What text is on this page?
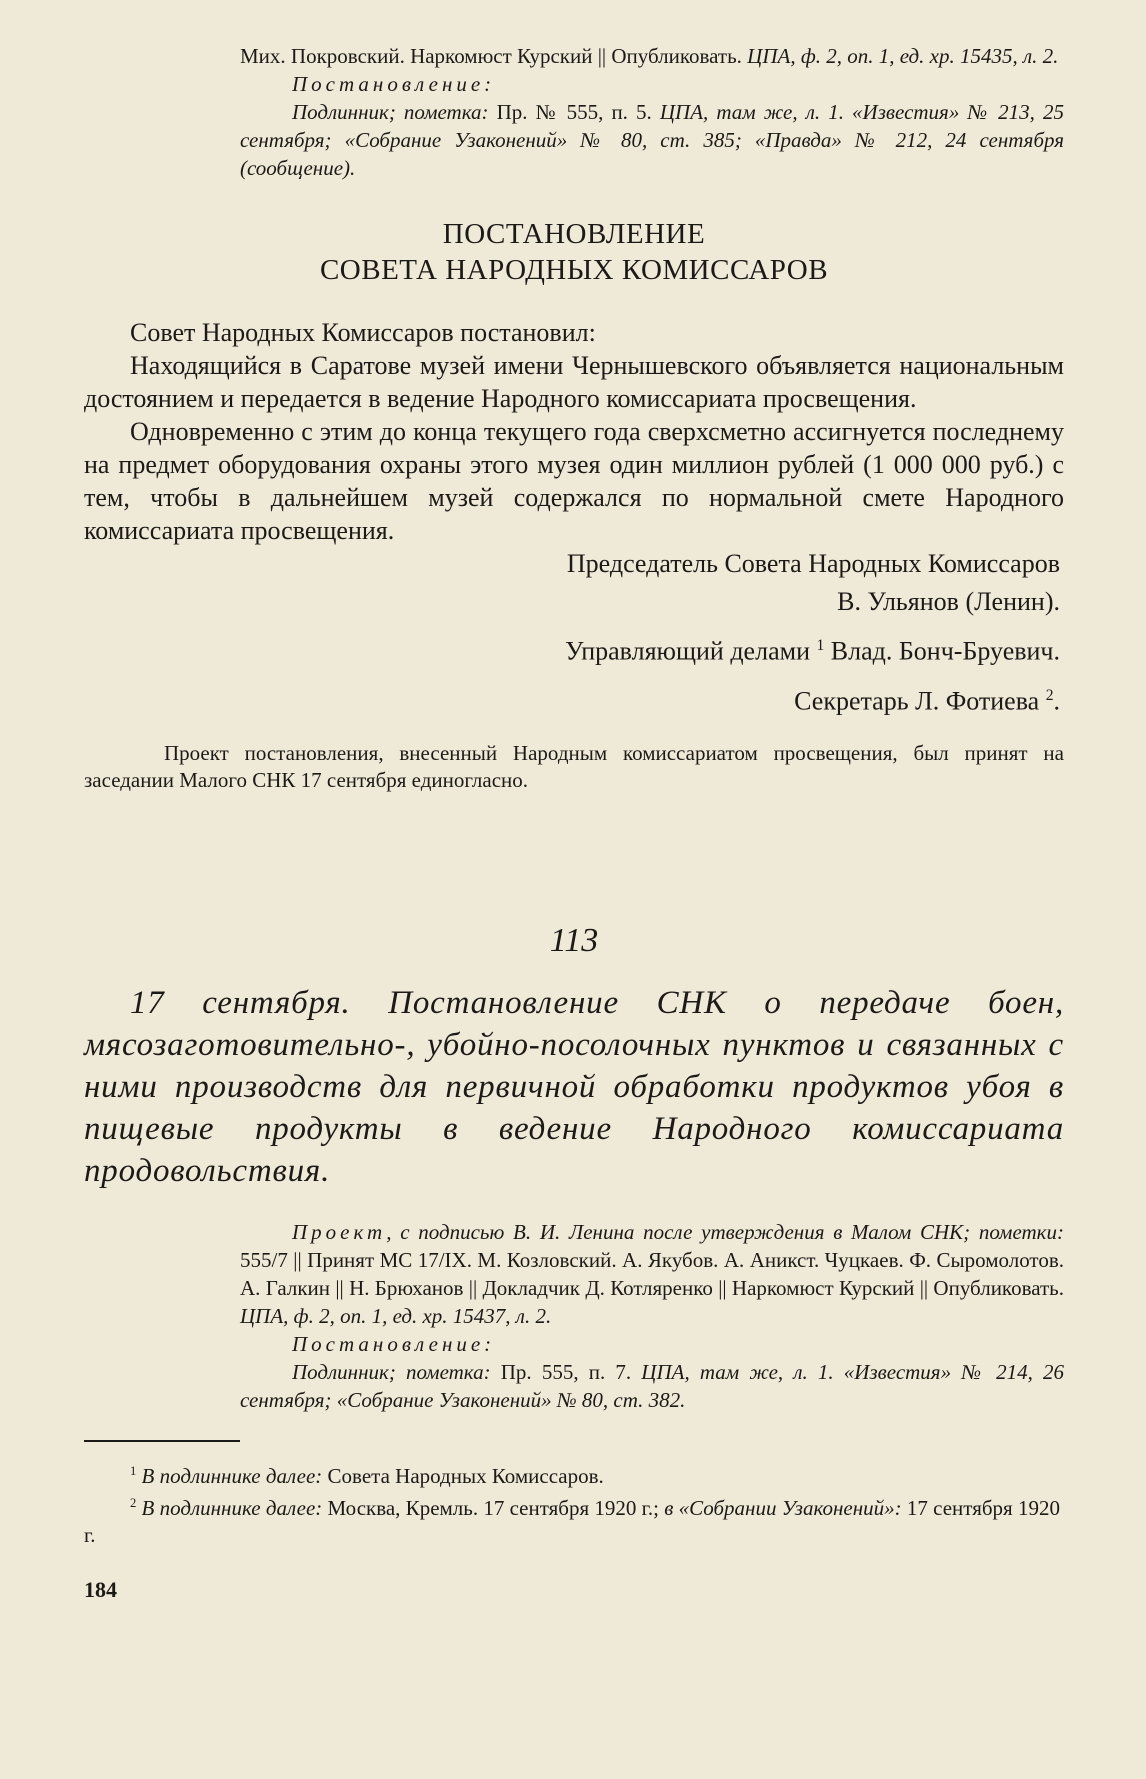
Мих. Покровский. Наркомюст Курский || Опубликовать. ЦПА, ф. 2, оп. 1, ед. хр. 15435, л. 2.

Постановление:

Подлинник; пометка: Пр. № 555, п. 5. ЦПА, там же, л. 1. «Известия» № 213, 25 сентября; «Собрание Узаконений» № 80, ст. 385; «Правда» № 212, 24 сентября (сообщение).

ПОСТАНОВЛЕНИЕ
СОВЕТА НАРОДНЫХ КОМИССАРОВ

Совет Народных Комиссаров постановил:

Находящийся в Саратове музей имени Чернышевского объявляется национальным достоянием и передается в ведение Народного комиссариата просвещения.

Одновременно с этим до конца текущего года сверхсметно ассигнуется последнему на предмет оборудования охраны этого музея один миллион рублей (1 000 000 руб.) с тем, чтобы в дальнейшем музей содержался по нормальной смете Народного комиссариата просвещения.

Председатель Совета Народных Комиссаров
В. Ульянов (Ленин).
Управляющий делами $^1$ Влад. Бонч-Бруевич.
Секретарь Л. Фотиева $^2$.

Проект постановления, внесенный Народным комиссариатом просвещения, был принят на заседании Малого СНК 17 сентября единогласно.

113

17 сентября. Постановление СНК о передаче боен, мясозаготовительно-, убойно-посолочных пунктов и связанных с ними производств для первичной обработки продуктов убоя в пищевые продукты в ведение Народного комиссариата продовольствия.

Проект, с подписью В. И. Ленина после утверждения в Малом СНК; пометки: 555/7 || Принят МС 17/IX. М. Козловский. А. Якубов. А. Аникст. Чуцкаев. Ф. Сыромолотов. А. Галкин || Н. Брюханов || Докладчик Д. Котляренко || Наркомюст Курский || Опубликовать. ЦПА, ф. 2, оп. 1, ед. хр. 15437, л. 2.

Постановление:

Подлинник; пометка: Пр. 555, п. 7. ЦПА, там же, л. 1. «Известия» № 214, 26 сентября; «Собрание Узаконений» № 80, ст. 382.

$^1$ В подлиннике далее: Совета Народных Комиссаров.

$^2$ В подлиннике далее: Москва, Кремль. 17 сентября 1920 г.; в «Собрании Узаконений»: 17 сентября 1920 г.

184
